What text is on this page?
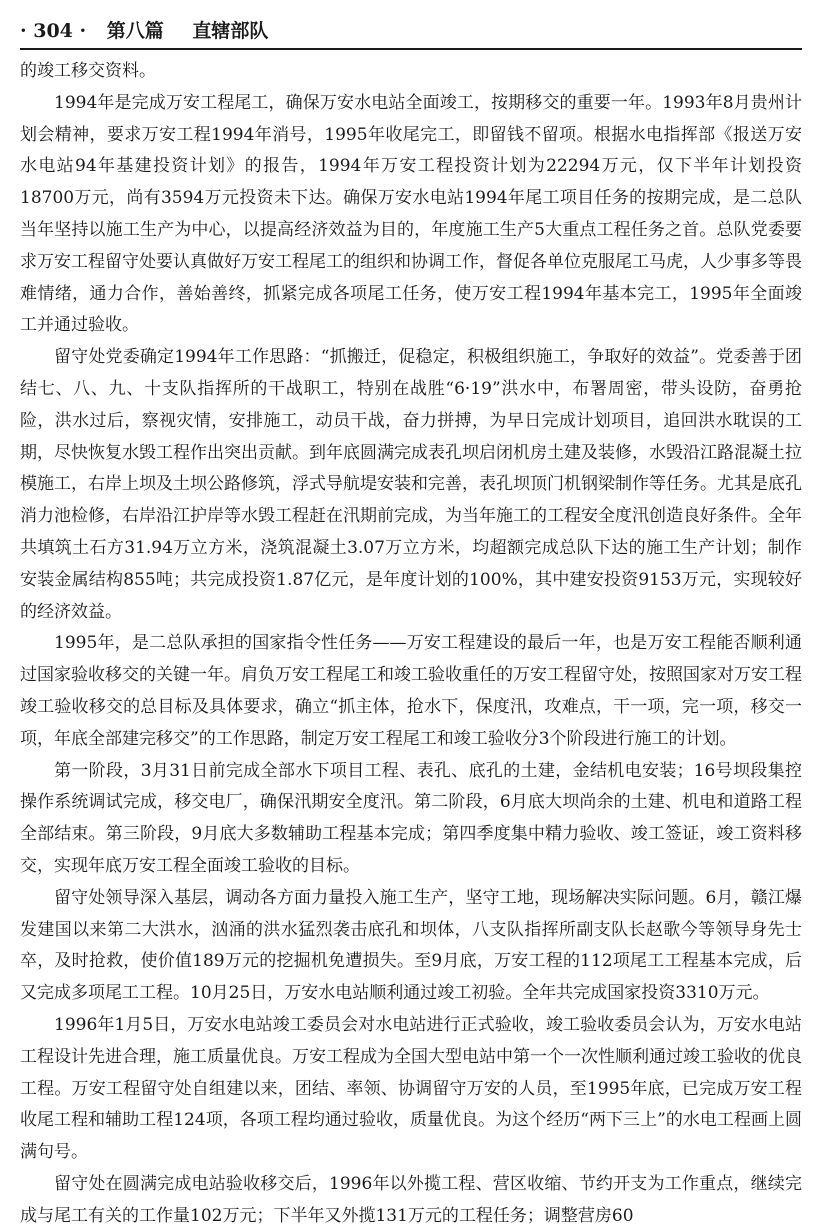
· 304 · 第八篇 直辖部队

的竣工移交资料。

1994年是完成万安工程尾工，确保万安水电站全面竣工，按期移交的重要一年。1993年8月贵州计划会精神，要求万安工程1994年消号，1995年收尾完工，即留钱不留项。根据水电指挥部《报送万安水电站94年基建投资计划》的报告，1994年万安工程投资计划为22294万元，仅下半年计划投资18700万元，尚有3594万元投资未下达。确保万安水电站1994年尾工项目任务的按期完成，是二总队当年坚持以施工生产为中心，以提高经济效益为目的，年度施工生产5大重点工程任务之首。总队党委要求万安工程留守处要认真做好万安工程尾工的组织和协调工作，督促各单位克服尾工马虎，人少事多等畏难情绪，通力合作，善始善终，抓紧完成各项尾工任务，使万安工程1994年基本完工，1995年全面竣工并通过验收。

留守处党委确定1994年工作思路：“抓搬迁，促稳定，积极组织施工，争取好的效益”。党委善于团结七、八、九、十支队指挥所的干战职工，特别在战胜“6·19”洪水中，布署周密，带头设防，奋勇抢险，洪水过后，察视灾情，安排施工，动员干战，奋力拼搏，为早日完成计划项目，追回洪水耽误的工期，尽快恢复水毁工程作出突出贡献。到年底圆满完成表孔坝启闭机房土建及装修，水毁沿江路混凝土拉模施工，右岸上坝及土坝公路修筑，浮式导航堤安装和完善，表孔坝顶门机钢梁制作等任务。尤其是底孔消力池检修，右岸沿江护岸等水毁工程赶在汛期前完成，为当年施工的工程安全度汛创造良好条件。全年共填筑土石方31.94万立方米，浇筑混凝土3.07万立方米，均超额完成总队下达的施工生产计划；制作安装金属结构855吨；共完成投资1.87亿元，是年度计划的100%，其中建安投资9153万元，实现较好的经济效益。

1995年，是二总队承担的国家指令性任务——万安工程建设的最后一年，也是万安工程能否顺利通过国家验收移交的关键一年。肩负万安工程尾工和竣工验收重任的万安工程留守处，按照国家对万安工程竣工验收移交的总目标及具体要求，确立“抓主体，抢水下，保度汛，攻难点，干一项，完一项，移交一项，年底全部建完移交”的工作思路，制定万安工程尾工和竣工验收分3个阶段进行施工的计划。

第一阶段，3月31日前完成全部水下项目工程、表孔、底孔的土建，金结机电安装；16号坝段集控操作系统调试完成，移交电厂，确保汛期安全度汛。第二阶段，6月底大坝尚余的土建、机电和道路工程全部结束。第三阶段，9月底大多数辅助工程基本完成；第四季度集中精力验收、竣工签证，竣工资料移交，实现年底万安工程全面竣工验收的目标。

留守处领导深入基层，调动各方面力量投入施工生产，坚守工地，现场解决实际问题。6月，赣江爆发建国以来第二大洪水，汹涌的洪水猛烈袭击底孔和坝体，八支队指挥所副支队长赵歌今等领导身先士卒，及时抢救，使价值189万元的挖掘机免遭损失。至9月底，万安工程的112项尾工工程基本完成，后又完成多项尾工工程。10月25日，万安水电站顺利通过竣工初验。全年共完成国家投资3310万元。

1996年1月5日，万安水电站竣工委员会对水电站进行正式验收，竣工验收委员会认为，万安水电站工程设计先进合理，施工质量优良。万安工程成为全国大型电站中第一个一次性顺利通过竣工验收的优良工程。万安工程留守处自组建以来，团结、率领、协调留守万安的人员，至1995年底，已完成万安工程收尾工程和辅助工程124项，各项工程均通过验收，质量优良。为这个经历“两下三上”的水电工程画上圆满句号。

留守处在圆满完成电站验收移交后，1996年以外揽工程、营区收缩、节约开支为工作重点，继续完成与尾工有关的工作量102万元；下半年又外揽131万元的工程任务；调整营房60
